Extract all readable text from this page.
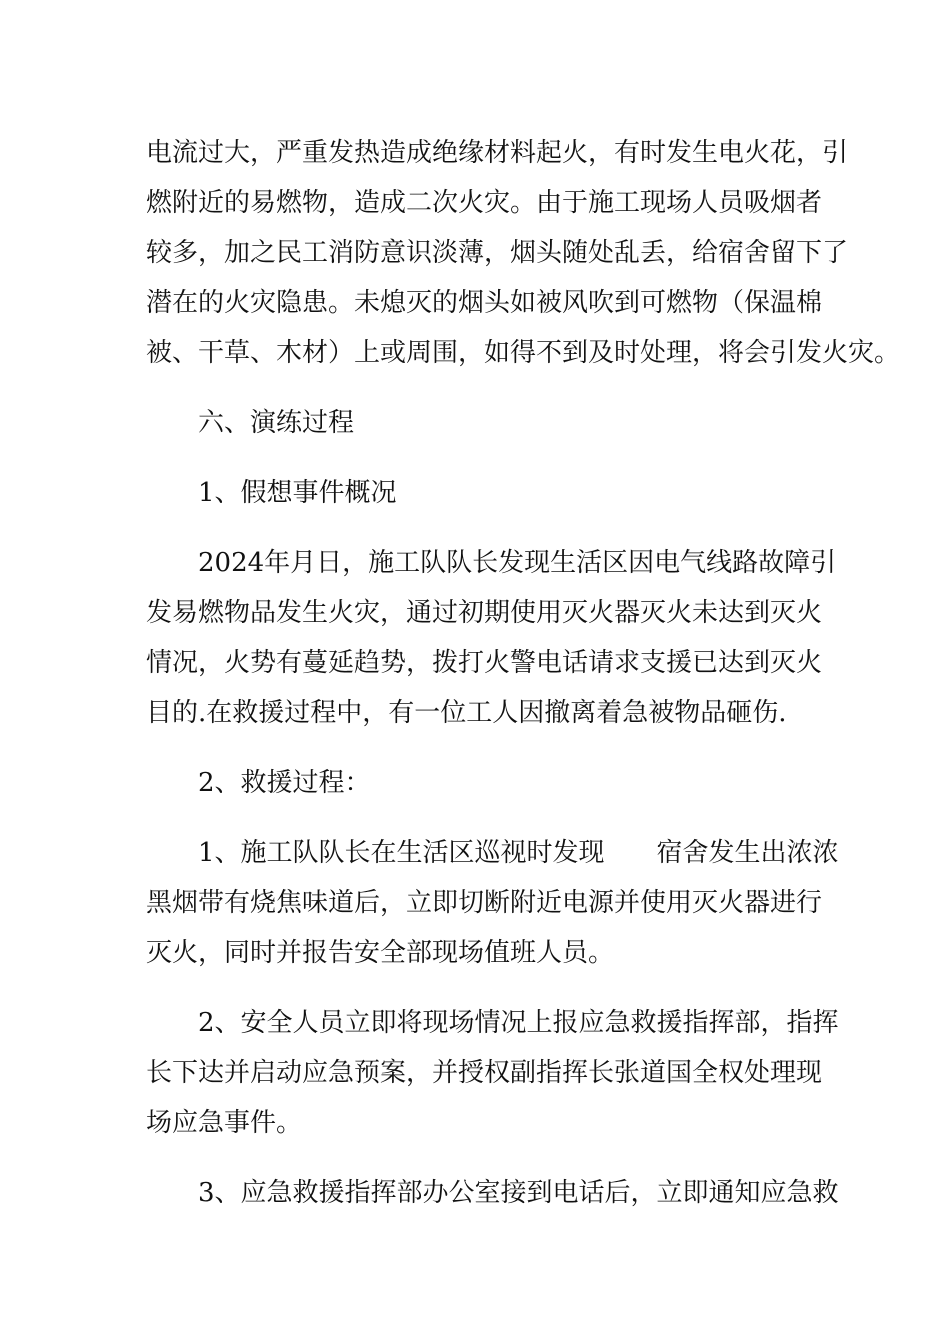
电流过大，严重发热造成绝缘材料起火，有时发生电火花，引
燃附近的易燃物，造成二次火灾。由于施工现场人员吸烟者
较多，加之民工消防意识淡薄，烟头随处乱丢，给宿舍留下了
潜在的火灾隐患。未熄灭的烟头如被风吹到可燃物（保温棉
被、干草、木材）上或周围，如得不到及时处理，将会引发火灾。
六、演练过程
1、假想事件概况
2024年月日，施工队队长发现生活区因电气线路故障引
发易燃物品发生火灾，通过初期使用灭火器灭火未达到灭火
情况，火势有蔓延趋势，拨打火警电话请求支援已达到灭火
目的.在救援过程中，有一位工人因撤离着急被物品砸伤.
2、救援过程：
1、施工队队长在生活区巡视时发现　　宿舍发生出浓浓
黑烟带有烧焦味道后，立即切断附近电源并使用灭火器进行
灭火，同时并报告安全部现场值班人员。
2、安全人员立即将现场情况上报应急救援指挥部，指挥
长下达并启动应急预案，并授权副指挥长张道国全权处理现
场应急事件。
3、应急救援指挥部办公室接到电话后，立即通知应急救
